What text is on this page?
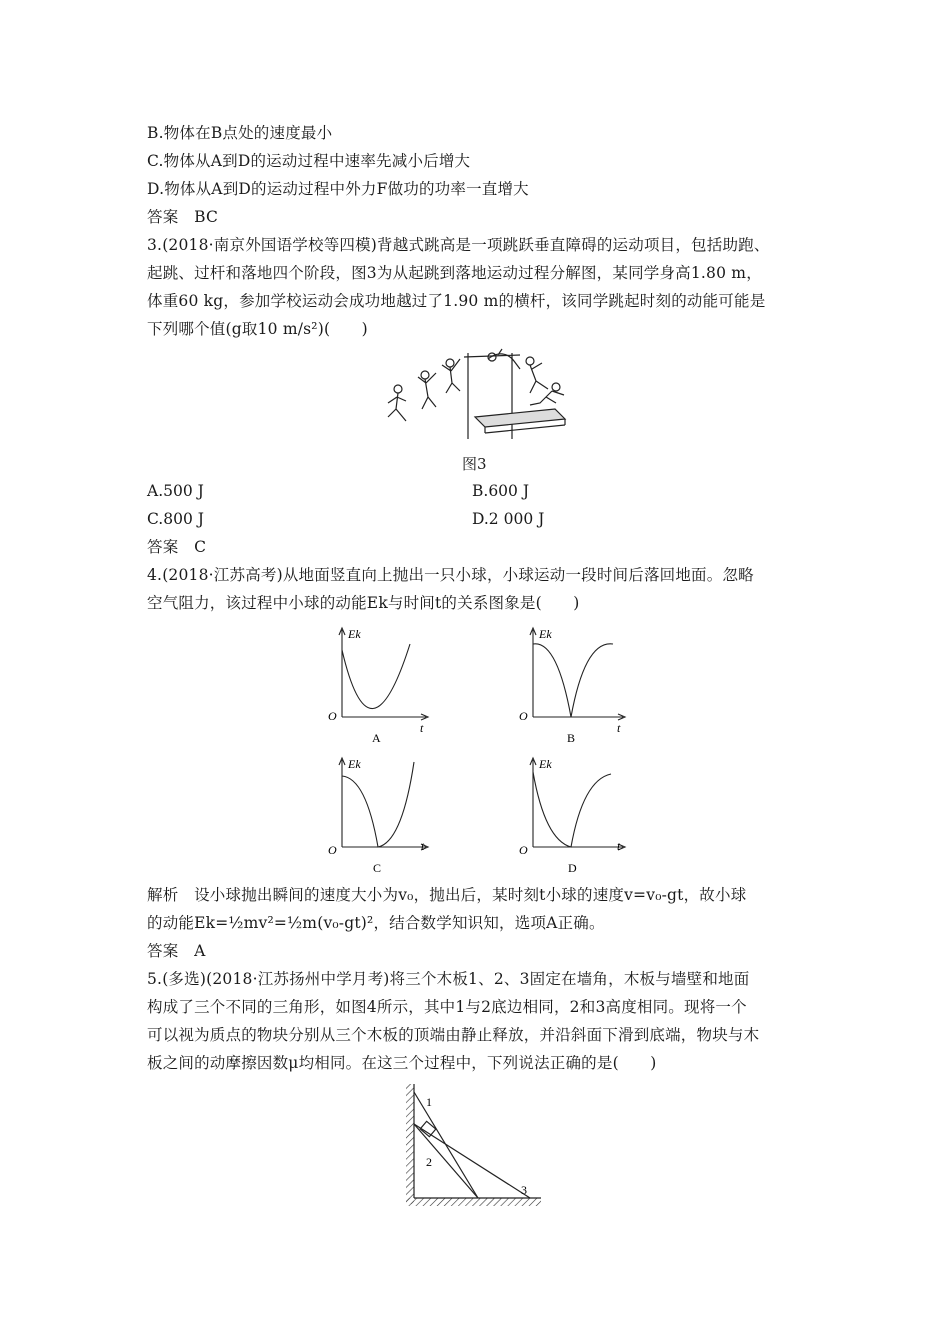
B.物体在B点处的速度最小
C.物体从A到D的运动过程中速率先减小后增大
D.物体从A到D的运动过程中外力F做功的功率一直增大
答案　BC
3.(2018·南京外国语学校等四模)背越式跳高是一项跳跃垂直障碍的运动项目，包括助跑、
起跳、过杆和落地四个阶段，图3为从起跳到落地运动过程分解图，某同学身高1.80 m，
体重60 kg，参加学校运动会成功地越过了1.90 m的横杆，该同学跳起时刻的动能可能是
下列哪个值(g取10 m/s²)(　　)
图3
A.500 J	B.600 J
C.800 J	D.2 000 J
答案　C
4.(2018·江苏高考)从地面竖直向上抛出一只小球，小球运动一段时间后落回地面。忽略
空气阻力，该过程中小球的动能Ek与时间t的关系图象是(　　)
Ek
t
O
A
Ek
t
O
B
Ek
t
O
C
Ek
t
O
D
解析　设小球抛出瞬间的速度大小为v₀，抛出后，某时刻t小球的速度v=v₀-gt，故小球
的动能Ek=½mv²=½m(v₀-gt)²，结合数学知识知，选项A正确。
答案　A
5.(多选)(2018·江苏扬州中学月考)将三个木板1、2、3固定在墙角，木板与墙壁和地面
构成了三个不同的三角形，如图4所示，其中1与2底边相同，2和3高度相同。现将一个
可以视为质点的物块分别从三个木板的顶端由静止释放，并沿斜面下滑到底端，物块与木
板之间的动摩擦因数μ均相同。在这三个过程中，下列说法正确的是(　　)
1
2
3
